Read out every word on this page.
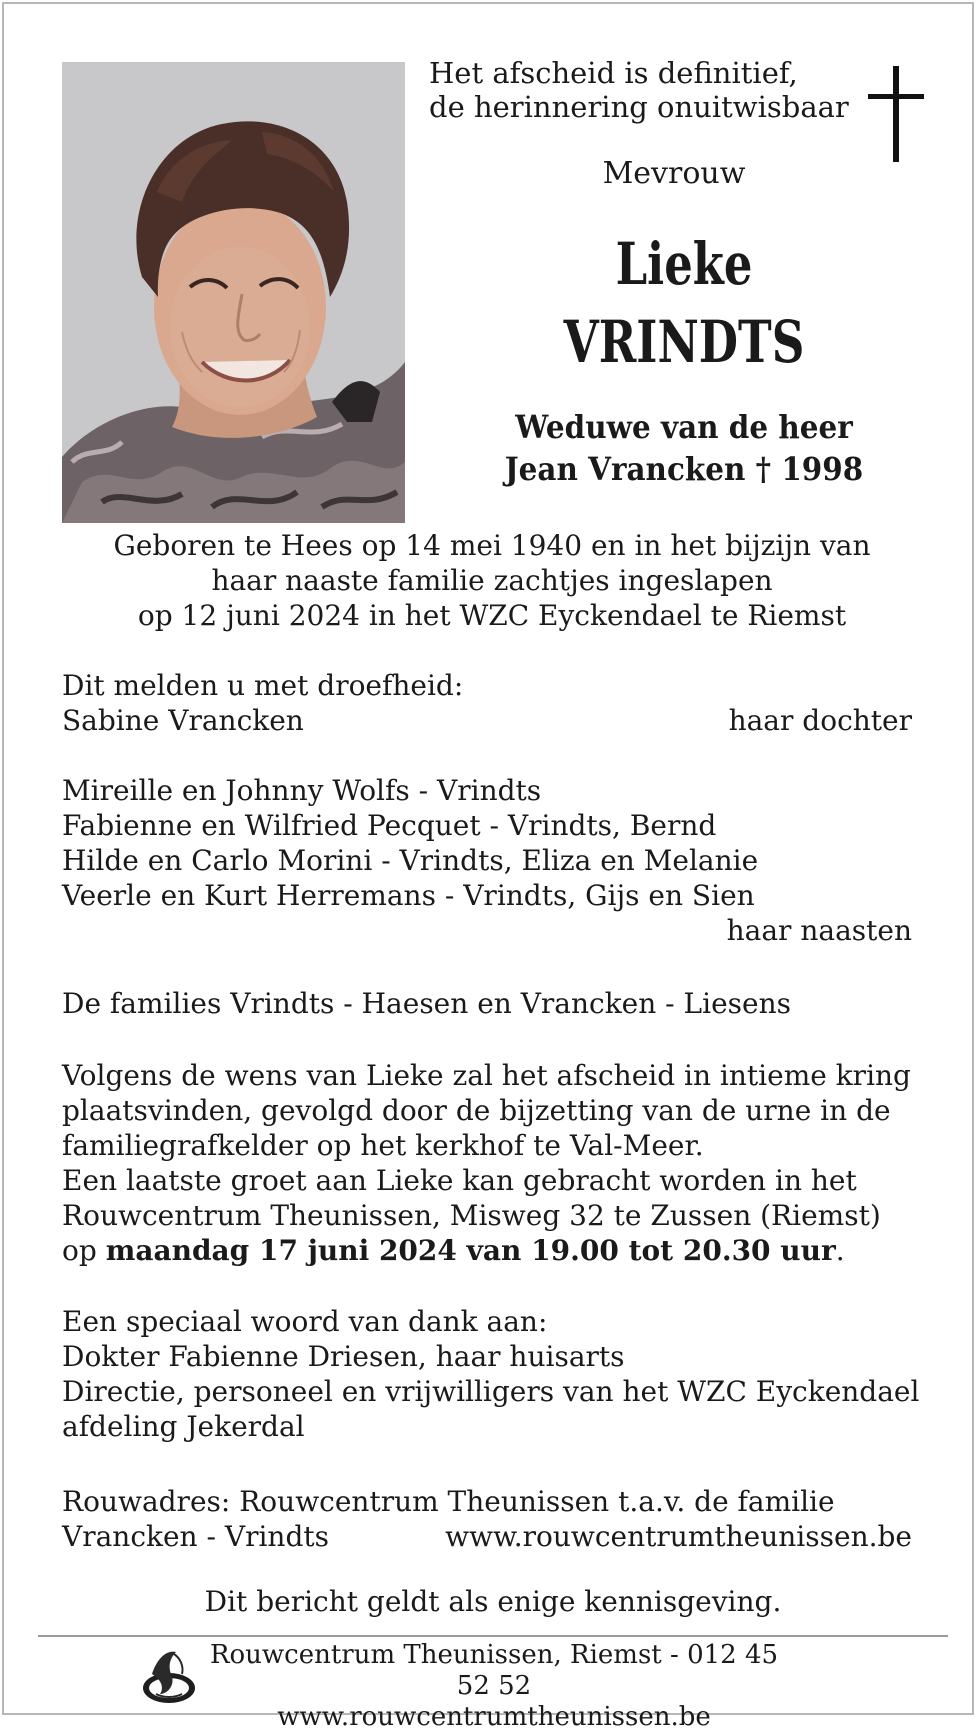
Het afscheid is definitief,
de herinnering onuitwisbaar
Mevrouw
Lieke
VRINDTS
Weduwe van de heer
Jean Vrancken † 1998
Geboren te Hees op 14 mei 1940 en in het bijzijn van
haar naaste familie zachtjes ingeslapen
op 12 juni 2024 in het WZC Eyckendael te Riemst
Dit melden u met droefheid:
Sabine Vrancken	haar dochter
Mireille en Johnny Wolfs - Vrindts
Fabienne en Wilfried Pecquet - Vrindts, Bernd
Hilde en Carlo Morini - Vrindts, Eliza en Melanie
Veerle en Kurt Herremans - Vrindts, Gijs en Sien
haar naasten
De families Vrindts - Haesen en Vrancken - Liesens
Volgens de wens van Lieke zal het afscheid in intieme kring
plaatsvinden, gevolgd door de bijzetting van de urne in de
familiegrafkelder op het kerkhof te Val-Meer.
Een laatste groet aan Lieke kan gebracht worden in het
Rouwcentrum Theunissen, Misweg 32 te Zussen (Riemst)
op maandag 17 juni 2024 van 19.00 tot 20.30 uur.
Een speciaal woord van dank aan:
Dokter Fabienne Driesen, haar huisarts
Directie, personeel en vrijwilligers van het WZC Eyckendael
afdeling Jekerdal
Rouwadres: Rouwcentrum Theunissen t.a.v. de familie
Vrancken - Vrindts	www.rouwcentrumtheunissen.be
Dit bericht geldt als enige kennisgeving.
Rouwcentrum Theunissen, Riemst - 012 45 52 52
www.rouwcentrumtheunissen.be
